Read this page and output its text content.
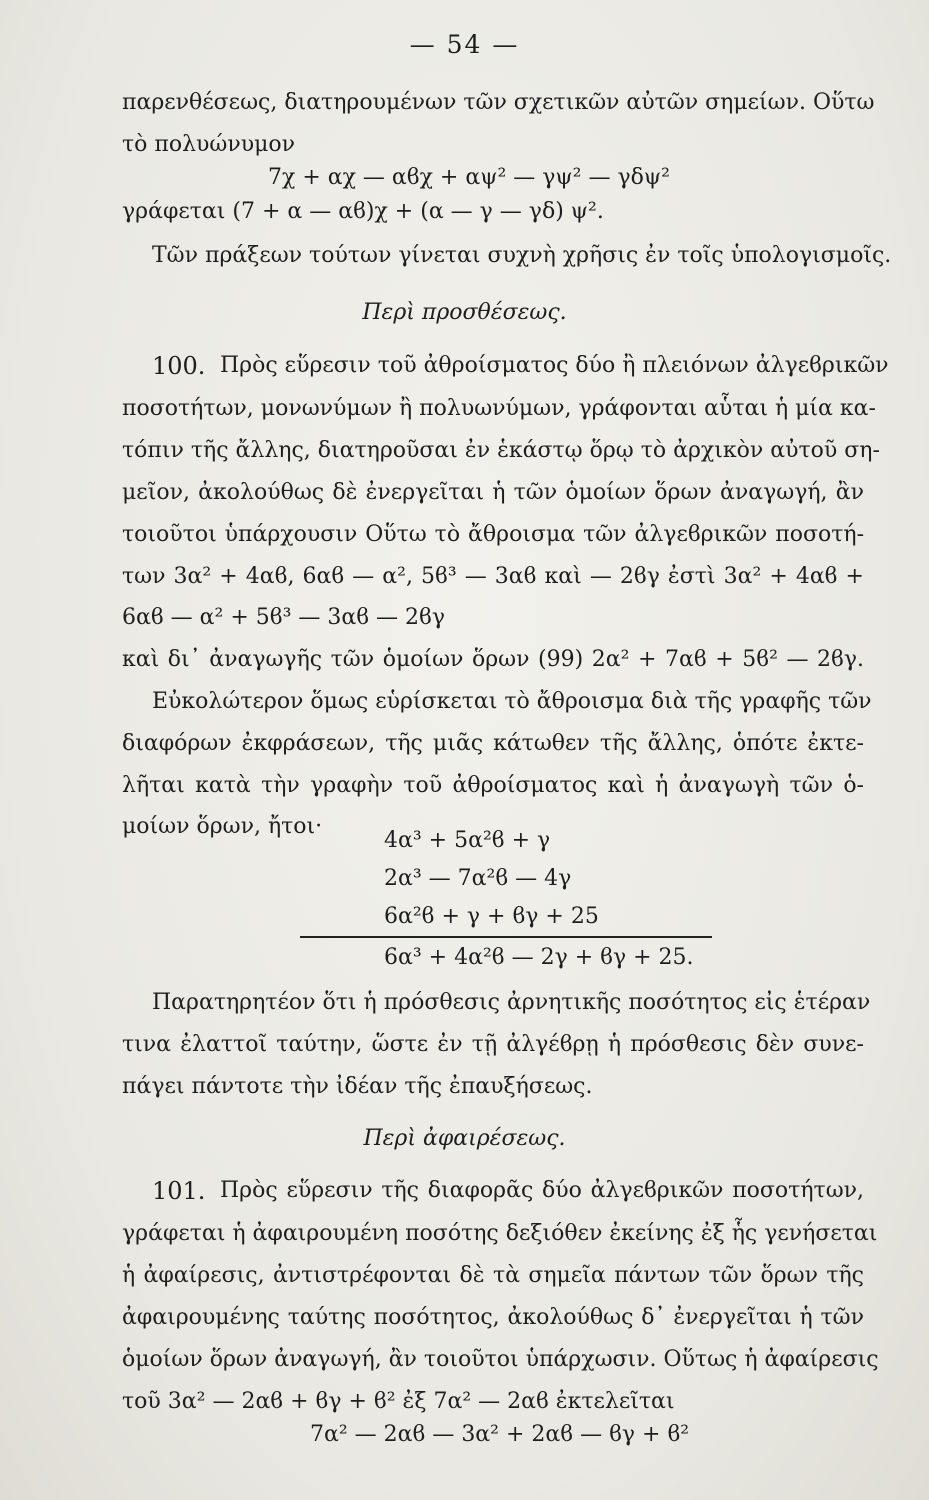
— 54 —
παρενθέσεως, διατηρουμένων τῶν σχετικῶν αὐτῶν σημείων. Οὕτω
τὸ πολυώνυμον
7χ + αχ — αϐχ + αψ² — γψ² — γδψ²
γράφεται (7 + α — αϐ)χ + (α — γ — γδ) ψ².
Τῶν πράξεων τούτων γίνεται συχνὴ χρῆσις ἐν τοῖς ὑπολογισμοῖς.
Περὶ προσθέσεως.
100. Πρὸς εὕρεσιν τοῦ ἀθροίσματος δύο ἢ πλειόνων ἀλγεϐρικῶν
ποσοτήτων, μονωνύμων ἢ πολυωνύμων, γράφονται αὗται ἡ μία κα-
τόπιν τῆς ἄλλης, διατηροῦσαι ἐν ἑκάστῳ ὅρῳ τὸ ἀρχικὸν αὐτοῦ ση-
μεῖον, ἀκολούθως δὲ ἐνεργεῖται ἡ τῶν ὁμοίων ὅρων ἀναγωγή, ἂν
τοιοῦτοι ὑπάρχουσιν Οὕτω τὸ ἄθροισμα τῶν ἀλγεϐρικῶν ποσοτή-
των 3α² + 4αϐ, 6αϐ — α², 5ϐ³ — 3αϐ καὶ — 2ϐγ ἐστὶ 3α² + 4αϐ +
6αϐ — α² + 5ϐ³ — 3αϐ — 2ϐγ
καὶ δι᾽ ἀναγωγῆς τῶν ὁμοίων ὅρων (99) 2α² + 7αϐ + 5ϐ² — 2ϐγ.
Εὐκολώτερον ὅμως εὑρίσκεται τὸ ἄθροισμα διὰ τῆς γραφῆς τῶν
διαφόρων ἐκφράσεων, τῆς μιᾶς κάτωθεν τῆς ἄλλης, ὁπότε ἐκτε-
λῆται κατὰ τὴν γραφὴν τοῦ ἀθροίσματος καὶ ἡ ἀναγωγὴ τῶν ὁ-
μοίων ὅρων, ἤτοι·
4α³ + 5α²ϐ + γ
2α³ — 7α²ϐ — 4γ
6α²ϐ + γ + ϐγ + 25
6α³ + 4α²ϐ — 2γ + ϐγ + 25.
Παρατηρητέον ὅτι ἡ πρόσθεσις ἀρνητικῆς ποσότητος εἰς ἑτέραν
τινα ἐλαττοῖ ταύτην, ὥστε ἐν τῇ ἀλγέϐρῃ ἡ πρόσθεσις δὲν συνε-
πάγει πάντοτε τὴν ἰδέαν τῆς ἐπαυξήσεως.
Περὶ ἀφαιρέσεως.
101. Πρὸς εὕρεσιν τῆς διαφορᾶς δύο ἀλγεϐρικῶν ποσοτήτων,
γράφεται ἡ ἀφαιρουμένη ποσότης δεξιόθεν ἐκείνης ἐξ ἧς γενήσεται
ἡ ἀφαίρεσις, ἀντιστρέφονται δὲ τὰ σημεῖα πάντων τῶν ὅρων τῆς
ἀφαιρουμένης ταύτης ποσότητος, ἀκολούθως δ᾽ ἐνεργεῖται ἡ τῶν
ὁμοίων ὅρων ἀναγωγή, ἂν τοιοῦτοι ὑπάρχωσιν. Οὕτως ἡ ἀφαίρεσις
τοῦ 3α² — 2αϐ + ϐγ + ϐ² ἐξ 7α² — 2αϐ ἐκτελεῖται
7α² — 2αϐ — 3α² + 2αϐ — ϐγ + ϐ²
